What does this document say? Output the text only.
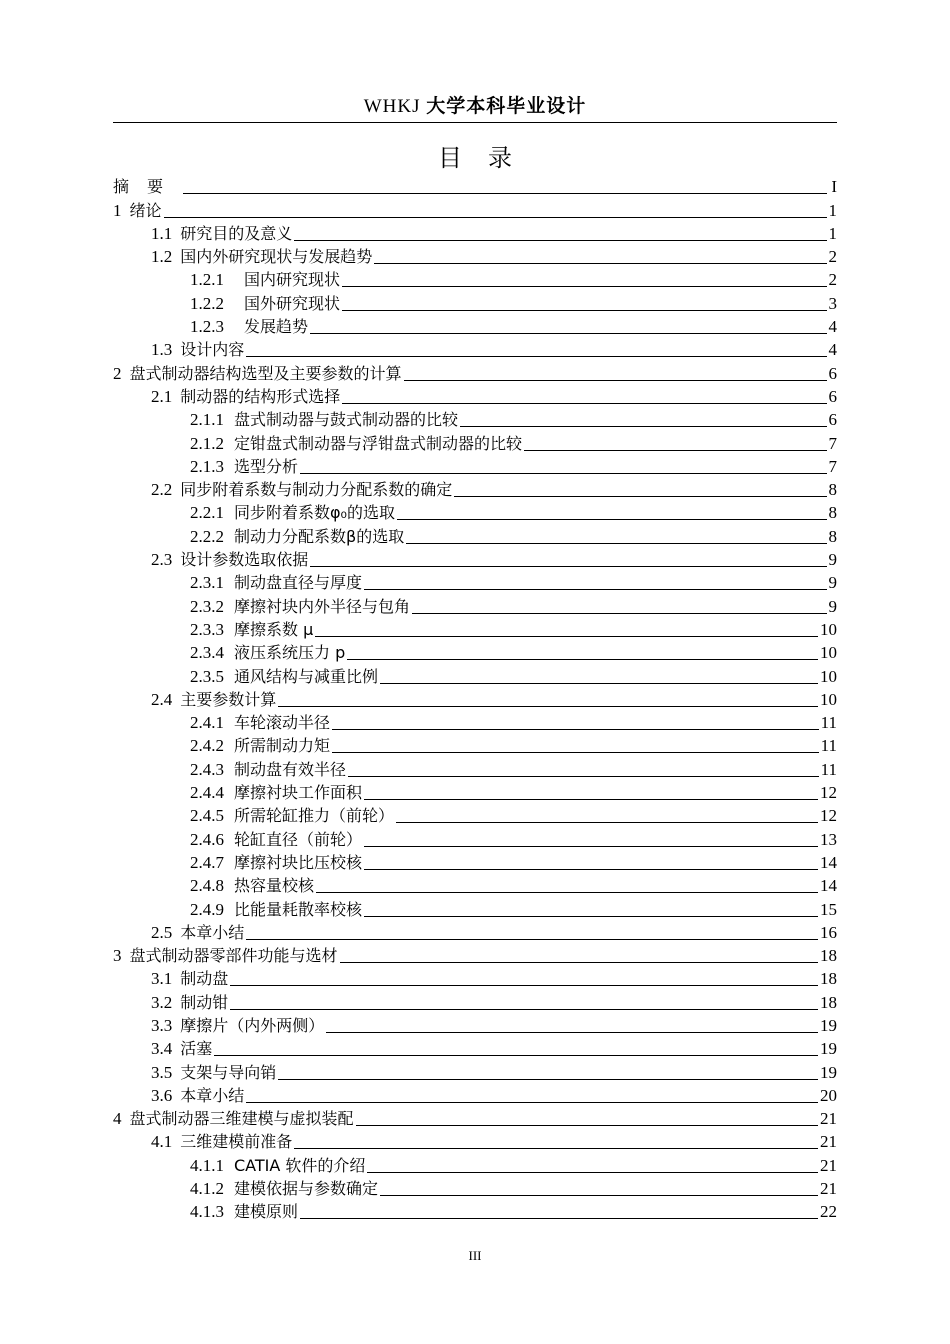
WHKJ 大学本科毕业设计
目录
摘要	I
1 绪论	1
1.1 研究目的及意义	1
1.2 国内外研究现状与发展趋势	2
1.2.1	国内研究现状	2
1.2.2	国外研究现状	3
1.2.3	发展趋势	4
1.3 设计内容	4
2 盘式制动器结构选型及主要参数的计算	6
2.1 制动器的结构形式选择	6
2.1.1 盘式制动器与鼓式制动器的比较	6
2.1.2 定钳盘式制动器与浮钳盘式制动器的比较	7
2.1.3 选型分析	7
2.2 同步附着系数与制动力分配系数的确定	8
2.2.1 同步附着系数φ₀的选取	8
2.2.2 制动力分配系数β的选取	8
2.3 设计参数选取依据	9
2.3.1 制动盘直径与厚度	9
2.3.2 摩擦衬块内外半径与包角	9
2.3.3 摩擦系数 μ	10
2.3.4 液压系统压力 p	10
2.3.5 通风结构与减重比例	10
2.4 主要参数计算	10
2.4.1 车轮滚动半径	11
2.4.2 所需制动力矩	11
2.4.3 制动盘有效半径	11
2.4.4 摩擦衬块工作面积	12
2.4.5 所需轮缸推力（前轮）	12
2.4.6 轮缸直径（前轮）	13
2.4.7 摩擦衬块比压校核	14
2.4.8 热容量校核	14
2.4.9 比能量耗散率校核	15
2.5 本章小结	16
3 盘式制动器零部件功能与选材	18
3.1 制动盘	18
3.2 制动钳	18
3.3 摩擦片（内外两侧）	19
3.4 活塞	19
3.5 支架与导向销	19
3.6 本章小结	20
4 盘式制动器三维建模与虚拟装配	21
4.1 三维建模前准备	21
4.1.1 CATIA 软件的介绍	21
4.1.2 建模依据与参数确定	21
4.1.3 建模原则	22
III
